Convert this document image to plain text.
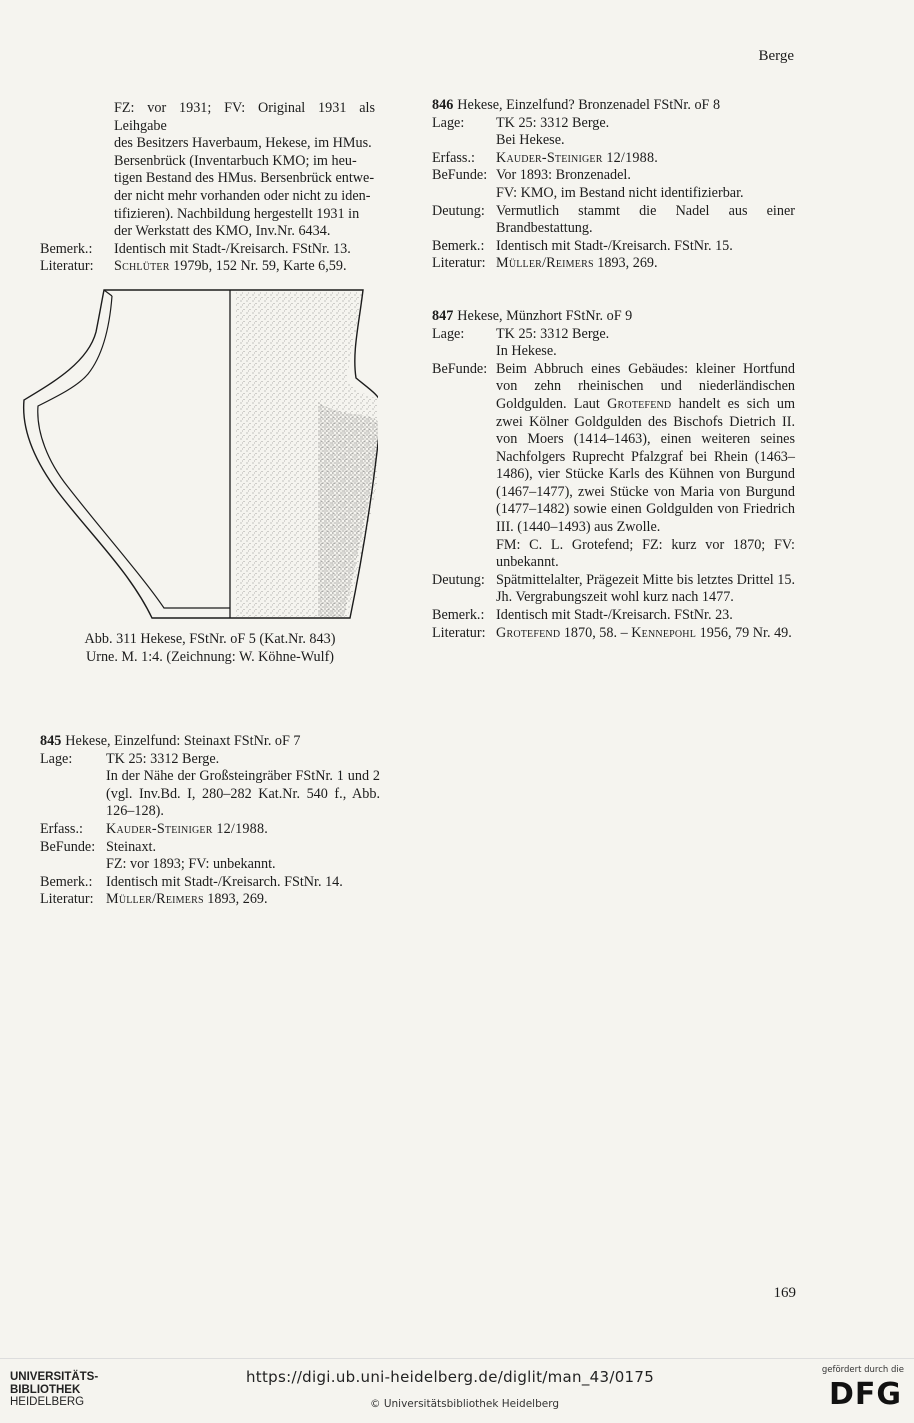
Berge
FZ: vor 1931; FV: Original 1931 als Leihgabe
des Besitzers Haverbaum, Hekese, im HMus.
Bersenbrück (Inventarbuch KMO; im heu-
tigen Bestand des HMus. Bersenbrück entwe-
der nicht mehr vorhanden oder nicht zu iden-
tifizieren). Nachbildung hergestellt 1931 in
der Werkstatt des KMO, Inv.Nr. 6434.
Bemerk.:	Identisch mit Stadt-/Kreisarch. FStNr. 13.
Literatur:	Schlüter 1979b, 152 Nr. 59, Karte 6,59.
Abb. 311 Hekese, FStNr. oF 5 (Kat.Nr. 843)
Urne. M. 1:4. (Zeichnung: W. Köhne-Wulf)
845 Hekese, Einzelfund: Steinaxt FStNr. oF 7
Lage:	TK 25: 3312 Berge.
In der Nähe der Großsteingräber FStNr. 1 und 2 (vgl. Inv.Bd. I, 280–282 Kat.Nr. 540 f., Abb. 126–128).
Erfass.:	Kauder-Steiniger 12/1988.
BeFunde: Steinaxt.
FZ: vor 1893; FV: unbekannt.
Bemerk.: Identisch mit Stadt-/Kreisarch. FStNr. 14.
Literatur: Müller/Reimers 1893, 269.
846 Hekese, Einzelfund? Bronzenadel FStNr. oF 8
Lage:	TK 25: 3312 Berge.
Bei Hekese.
Erfass.:	Kauder-Steiniger 12/1988.
BeFunde: Vor 1893: Bronzenadel.
FV: KMO, im Bestand nicht identifizierbar.
Deutung: Vermutlich stammt die Nadel aus einer Brandbestattung.
Bemerk.: Identisch mit Stadt-/Kreisarch. FStNr. 15.
Literatur: Müller/Reimers 1893, 269.
847 Hekese, Münzhort FStNr. oF 9
Lage:	TK 25: 3312 Berge.
In Hekese.
BeFunde: Beim Abbruch eines Gebäudes: kleiner Hortfund von zehn rheinischen und niederländischen Goldgulden. Laut Grotefend handelt es sich um zwei Kölner Goldgulden des Bischofs Dietrich II. von Moers (1414–1463), einen weiteren seines Nachfolgers Ruprecht Pfalzgraf bei Rhein (1463–1486), vier Stücke Karls des Kühnen von Burgund (1467–1477), zwei Stücke von Maria von Burgund (1477–1482) sowie einen Goldgulden von Friedrich III. (1440–1493) aus Zwolle.
FM: C. L. Grotefend; FZ: kurz vor 1870; FV: unbekannt.
Deutung: Spätmittelalter, Prägezeit Mitte bis letztes Drittel 15. Jh. Vergrabungszeit wohl kurz nach 1477.
Bemerk.: Identisch mit Stadt-/Kreisarch. FStNr. 23.
Literatur: Grotefend 1870, 58. – Kennepohl 1956, 79 Nr. 49.
169
UNIVERSITÄTS-
BIBLIOTHEK
HEIDELBERG
https://digi.ub.uni-heidelberg.de/diglit/man_43/0175
© Universitätsbibliothek Heidelberg
gefördert durch die
DFG
